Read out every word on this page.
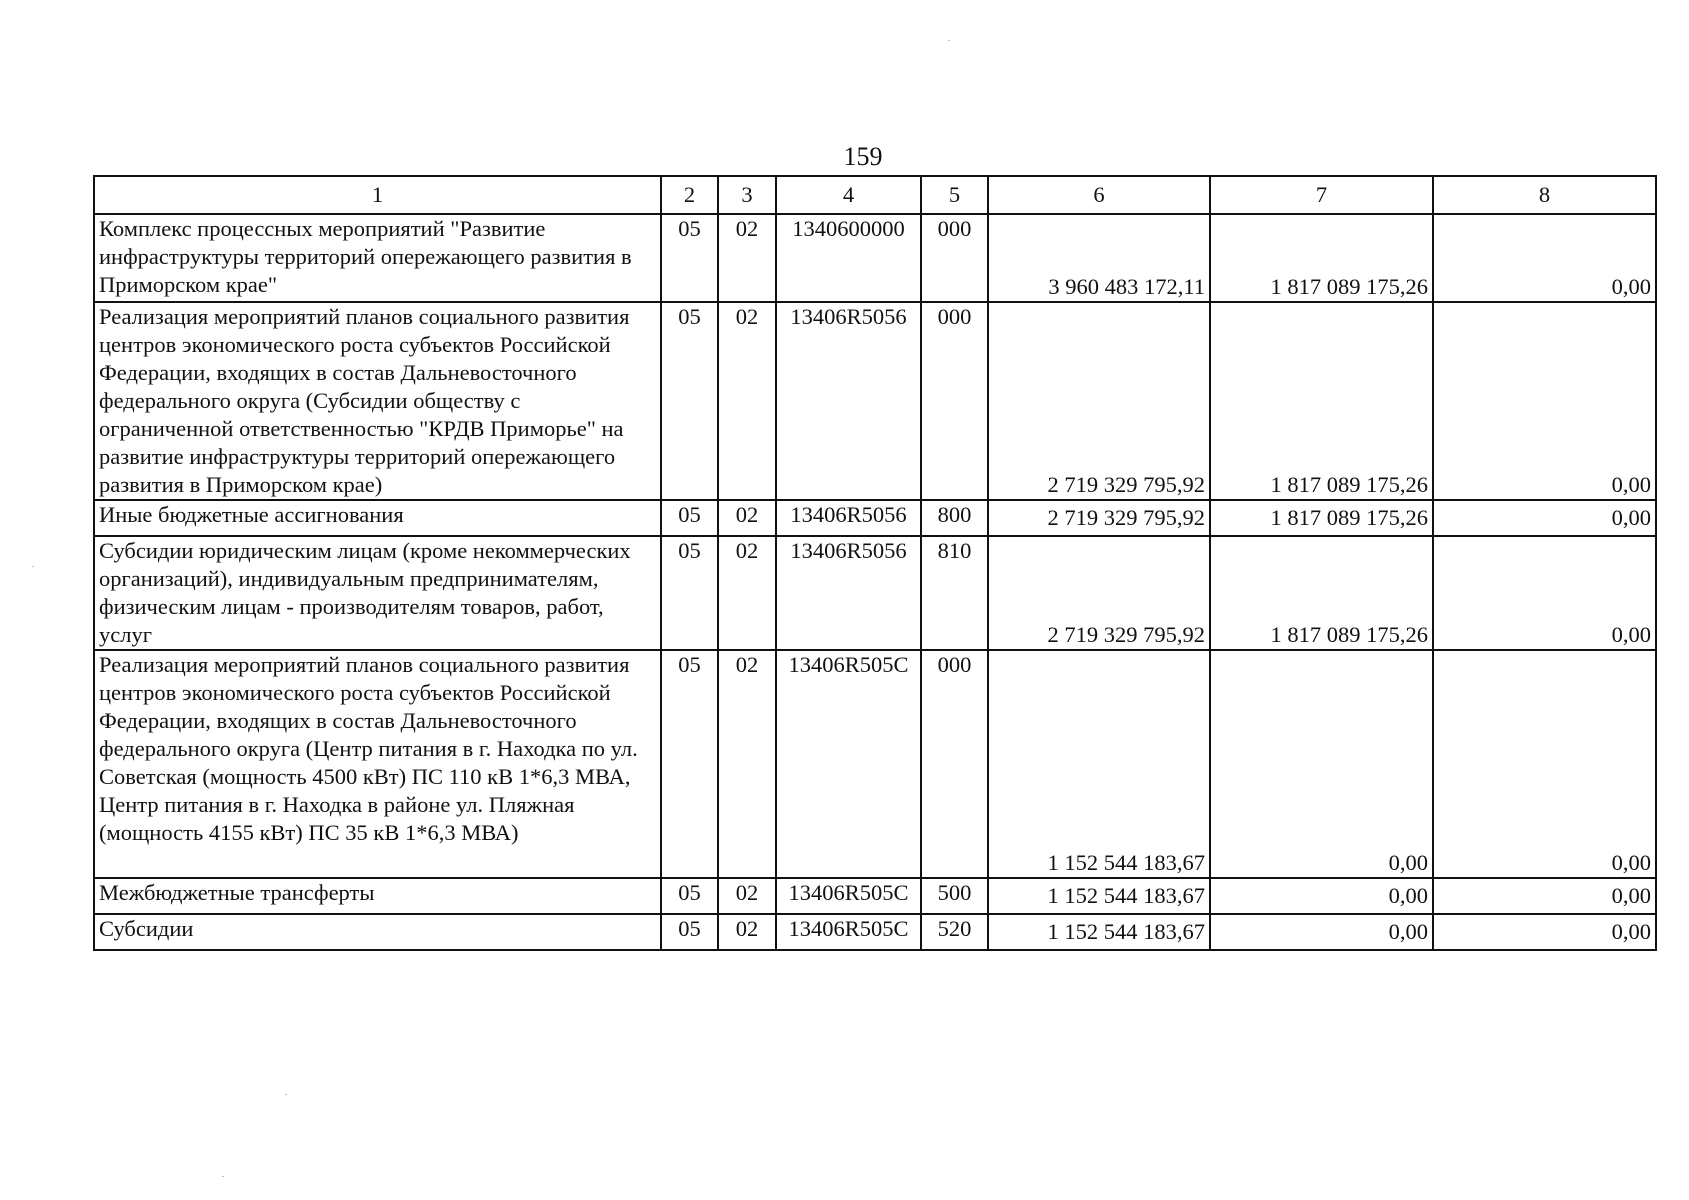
159
1	2	3	4	5	6	7	8
Комплекс процессных мероприятий "Развитие инфраструктуры территорий опережающего развития в Приморском крае"	05	02	1340600000	000	3 960 483 172,11	1 817 089 175,26	0,00
Реализация мероприятий планов социального развития центров экономического роста субъектов Российской Федерации, входящих в состав Дальневосточного федерального округа (Субсидии обществу с ограниченной ответственностью "КРДВ Приморье" на развитие инфраструктуры территорий опережающего развития в Приморском крае)	05	02	13406R5056	000	2 719 329 795,92	1 817 089 175,26	0,00
Иные бюджетные ассигнования	05	02	13406R5056	800	2 719 329 795,92	1 817 089 175,26	0,00
Субсидии юридическим лицам (кроме некоммерческих организаций), индивидуальным предпринимателям, физическим лицам - производителям товаров, работ, услуг	05	02	13406R5056	810	2 719 329 795,92	1 817 089 175,26	0,00
Реализация мероприятий планов социального развития центров экономического роста субъектов Российской Федерации, входящих в состав Дальневосточного федерального округа (Центр питания в г. Находка по ул. Советская (мощность 4500 кВт) ПС 110 кВ 1*6,3 МВА, Центр питания в г. Находка в районе ул. Пляжная (мощность 4155 кВт) ПС 35 кВ 1*6,3 МВА)	05	02	13406R505C	000	1 152 544 183,67	0,00	0,00
Межбюджетные трансферты	05	02	13406R505C	500	1 152 544 183,67	0,00	0,00
Субсидии	05	02	13406R505C	520	1 152 544 183,67	0,00	0,00
